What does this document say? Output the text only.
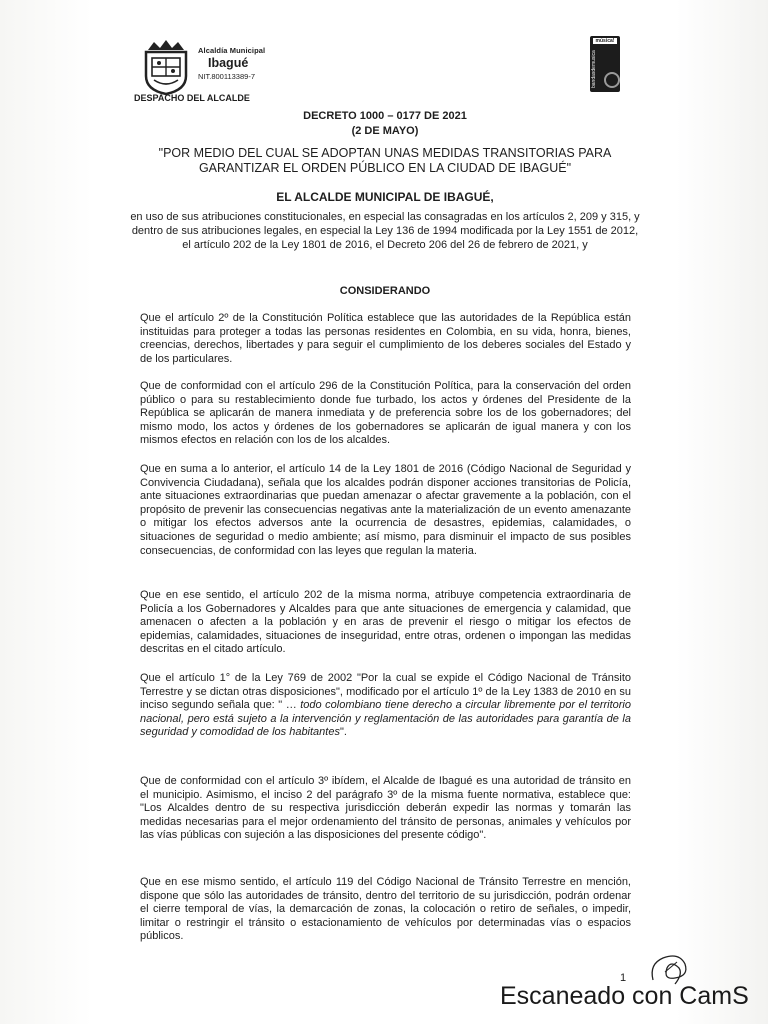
Alcaldía Municipal
Ibagué
NIT.800113389-7
DESPACHO DEL ALCALDE
música!
bandasdemusica
DECRETO 1000 – 0177 DE 2021
(2 DE MAYO)
"POR MEDIO DEL CUAL SE ADOPTAN UNAS MEDIDAS TRANSITORIAS PARA GARANTIZAR EL ORDEN PÚBLICO EN LA CIUDAD DE IBAGUÉ"
EL ALCALDE MUNICIPAL DE IBAGUÉ,
en uso de sus atribuciones constitucionales, en especial las consagradas en los artículos 2, 209 y 315, y dentro de sus atribuciones legales, en especial la Ley 136 de 1994 modificada por la Ley 1551 de 2012, el artículo 202 de la Ley 1801 de 2016, el Decreto 206 del 26 de febrero de 2021, y
CONSIDERANDO
Que el artículo 2º de la Constitución Política establece que las autoridades de la República están instituidas para proteger a todas las personas residentes en Colombia, en su vida, honra, bienes, creencias, derechos, libertades y para seguir el cumplimiento de los deberes sociales del Estado y de los particulares.
Que de conformidad con el artículo 296 de la Constitución Política, para la conservación del orden público o para su restablecimiento donde fue turbado, los actos y órdenes del Presidente de la República se aplicarán de manera inmediata y de preferencia sobre los de los gobernadores; del mismo modo, los actos y órdenes de los gobernadores se aplicarán de igual manera y con los mismos efectos en relación con los de los alcaldes.
Que en suma a lo anterior, el artículo 14 de la Ley 1801 de 2016 (Código Nacional de Seguridad y Convivencia Ciudadana), señala que los alcaldes podrán disponer acciones transitorias de Policía, ante situaciones extraordinarias que puedan amenazar o afectar gravemente a la población, con el propósito de prevenir las consecuencias negativas ante la materialización de un evento amenazante o mitigar los efectos adversos ante la ocurrencia de desastres, epidemias, calamidades, o situaciones de seguridad o medio ambiente; así mismo, para disminuir el impacto de sus posibles consecuencias, de conformidad con las leyes que regulan la materia.
Que en ese sentido, el artículo 202 de la misma norma, atribuye competencia extraordinaria de Policía a los Gobernadores y Alcaldes para que ante situaciones de emergencia y calamidad, que amenacen o afecten a la población y en aras de prevenir el riesgo o mitigar los efectos de epidemias, calamidades, situaciones de inseguridad, entre otras, ordenen o impongan las medidas descritas en el citado artículo.
Que el artículo 1° de la Ley 769 de 2002 "Por la cual se expide el Código Nacional de Tránsito Terrestre y se dictan otras disposiciones", modificado por el artículo 1º de la Ley 1383 de 2010 en su inciso segundo señala que: " … todo colombiano tiene derecho a circular libremente por el territorio nacional, pero está sujeto a la intervención y reglamentación de las autoridades para garantía de la seguridad y comodidad de los habitantes".
Que de conformidad con el artículo 3º ibídem, el Alcalde de Ibagué es una autoridad de tránsito en el municipio. Asimismo, el inciso 2 del parágrafo 3º de la misma fuente normativa, establece que: "Los Alcaldes dentro de su respectiva jurisdicción deberán expedir las normas y tomarán las medidas necesarias para el mejor ordenamiento del tránsito de personas, animales y vehículos por las vías públicas con sujeción a las disposiciones del presente código".
Que en ese mismo sentido, el artículo 119 del Código Nacional de Tránsito Terrestre en mención, dispone que sólo las autoridades de tránsito, dentro del territorio de su jurisdicción, podrán ordenar el cierre temporal de vías, la demarcación de zonas, la colocación o retiro de señales, o impedir, limitar o restringir el tránsito o estacionamiento de vehículos por determinadas vías o espacios públicos.
1
Escaneado con CamS
